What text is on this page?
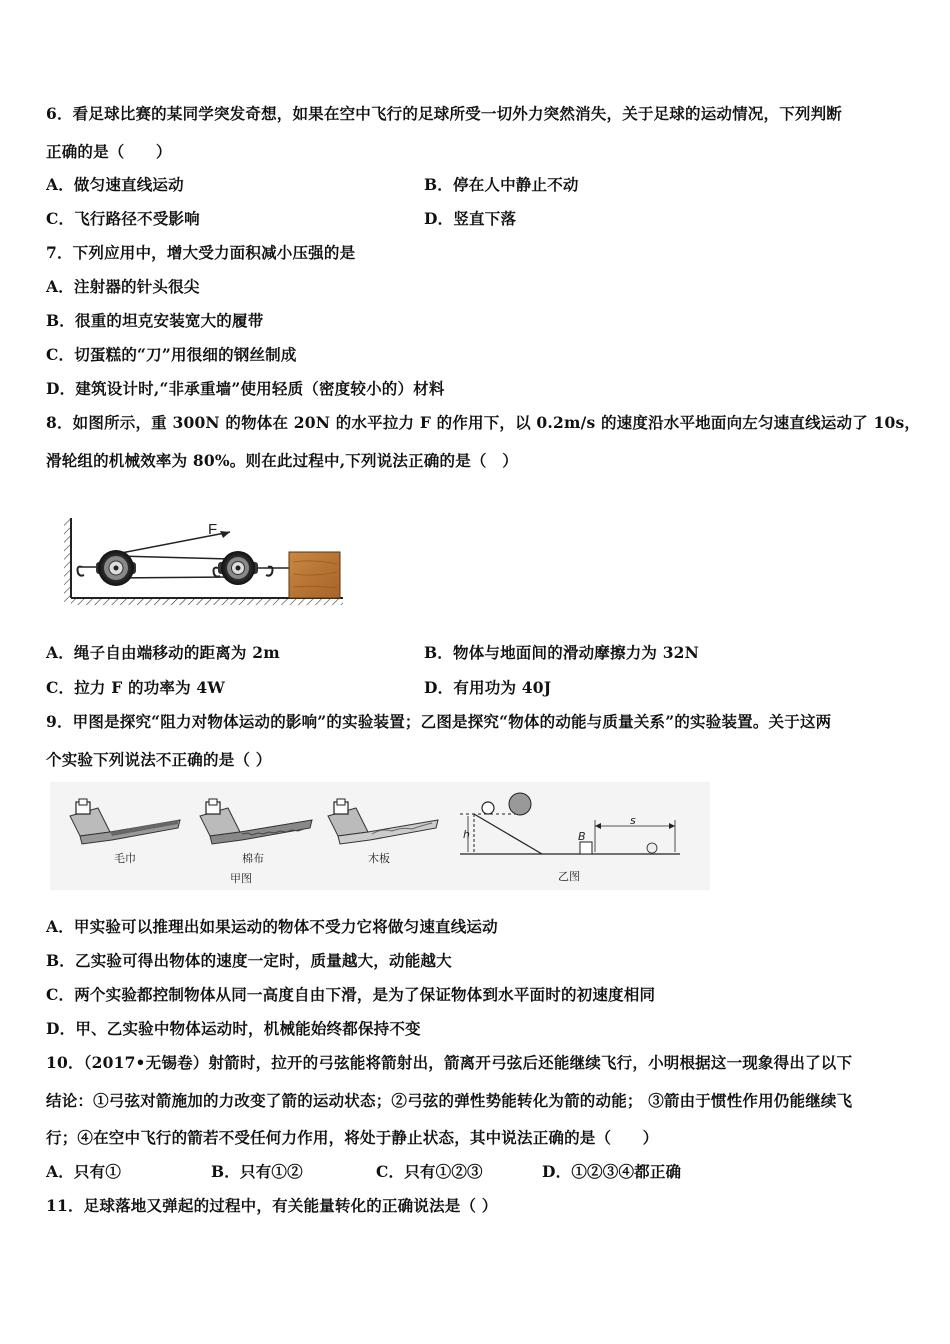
6．看足球比赛的某同学突发奇想，如果在空中飞行的足球所受一切外力突然消失，关于足球的运动情况，下列判断
正确的是（　　）
A．做匀速直线运动	B．停在人中静止不动
C．飞行路径不受影响	D．竖直下落
7．下列应用中，增大受力面积减小压强的是
A．注射器的针头很尖
B．很重的坦克安装宽大的履带
C．切蛋糕的“刀”用很细的钢丝制成
D．建筑设计时,“非承重墙”使用轻质（密度较小的）材料
8．如图所示，重 300N 的物体在 20N 的水平拉力 F 的作用下，以 0.2m/s 的速度沿水平地面向左匀速直线运动了 10s，
滑轮组的机械效率为 80%。则在此过程中,下列说法正确的是（　）
F
A．绳子自由端移动的距离为 2m	B．物体与地面间的滑动摩擦力为 32N
C．拉力 F 的功率为 4W	D．有用功为 40J
9．甲图是探究“阻力对物体运动的影响”的实验装置；乙图是探究“物体的动能与质量关系”的实验装置。关于这两
个实验下列说法不正确的是（ ）
毛巾	棉布	木板
甲图
h	B
s
乙图
A．甲实验可以推理出如果运动的物体不受力它将做匀速直线运动
B．乙实验可得出物体的速度一定时，质量越大，动能越大
C．两个实验都控制物体从同一高度自由下滑，是为了保证物体到水平面时的初速度相同
D．甲、乙实验中物体运动时，机械能始终都保持不变
10．（2017•无锡卷）射箭时，拉开的弓弦能将箭射出，箭离开弓弦后还能继续飞行，小明根据这一现象得出了以下
结论：①弓弦对箭施加的力改变了箭的运动状态；②弓弦的弹性势能转化为箭的动能； ③箭由于惯性作用仍能继续飞
行；④在空中飞行的箭若不受任何力作用，将处于静止状态，其中说法正确的是（　　）
A．只有①	B．只有①②	C．只有①②③	D．①②③④都正确
11．足球落地又弹起的过程中，有关能量转化的正确说法是（ ）
